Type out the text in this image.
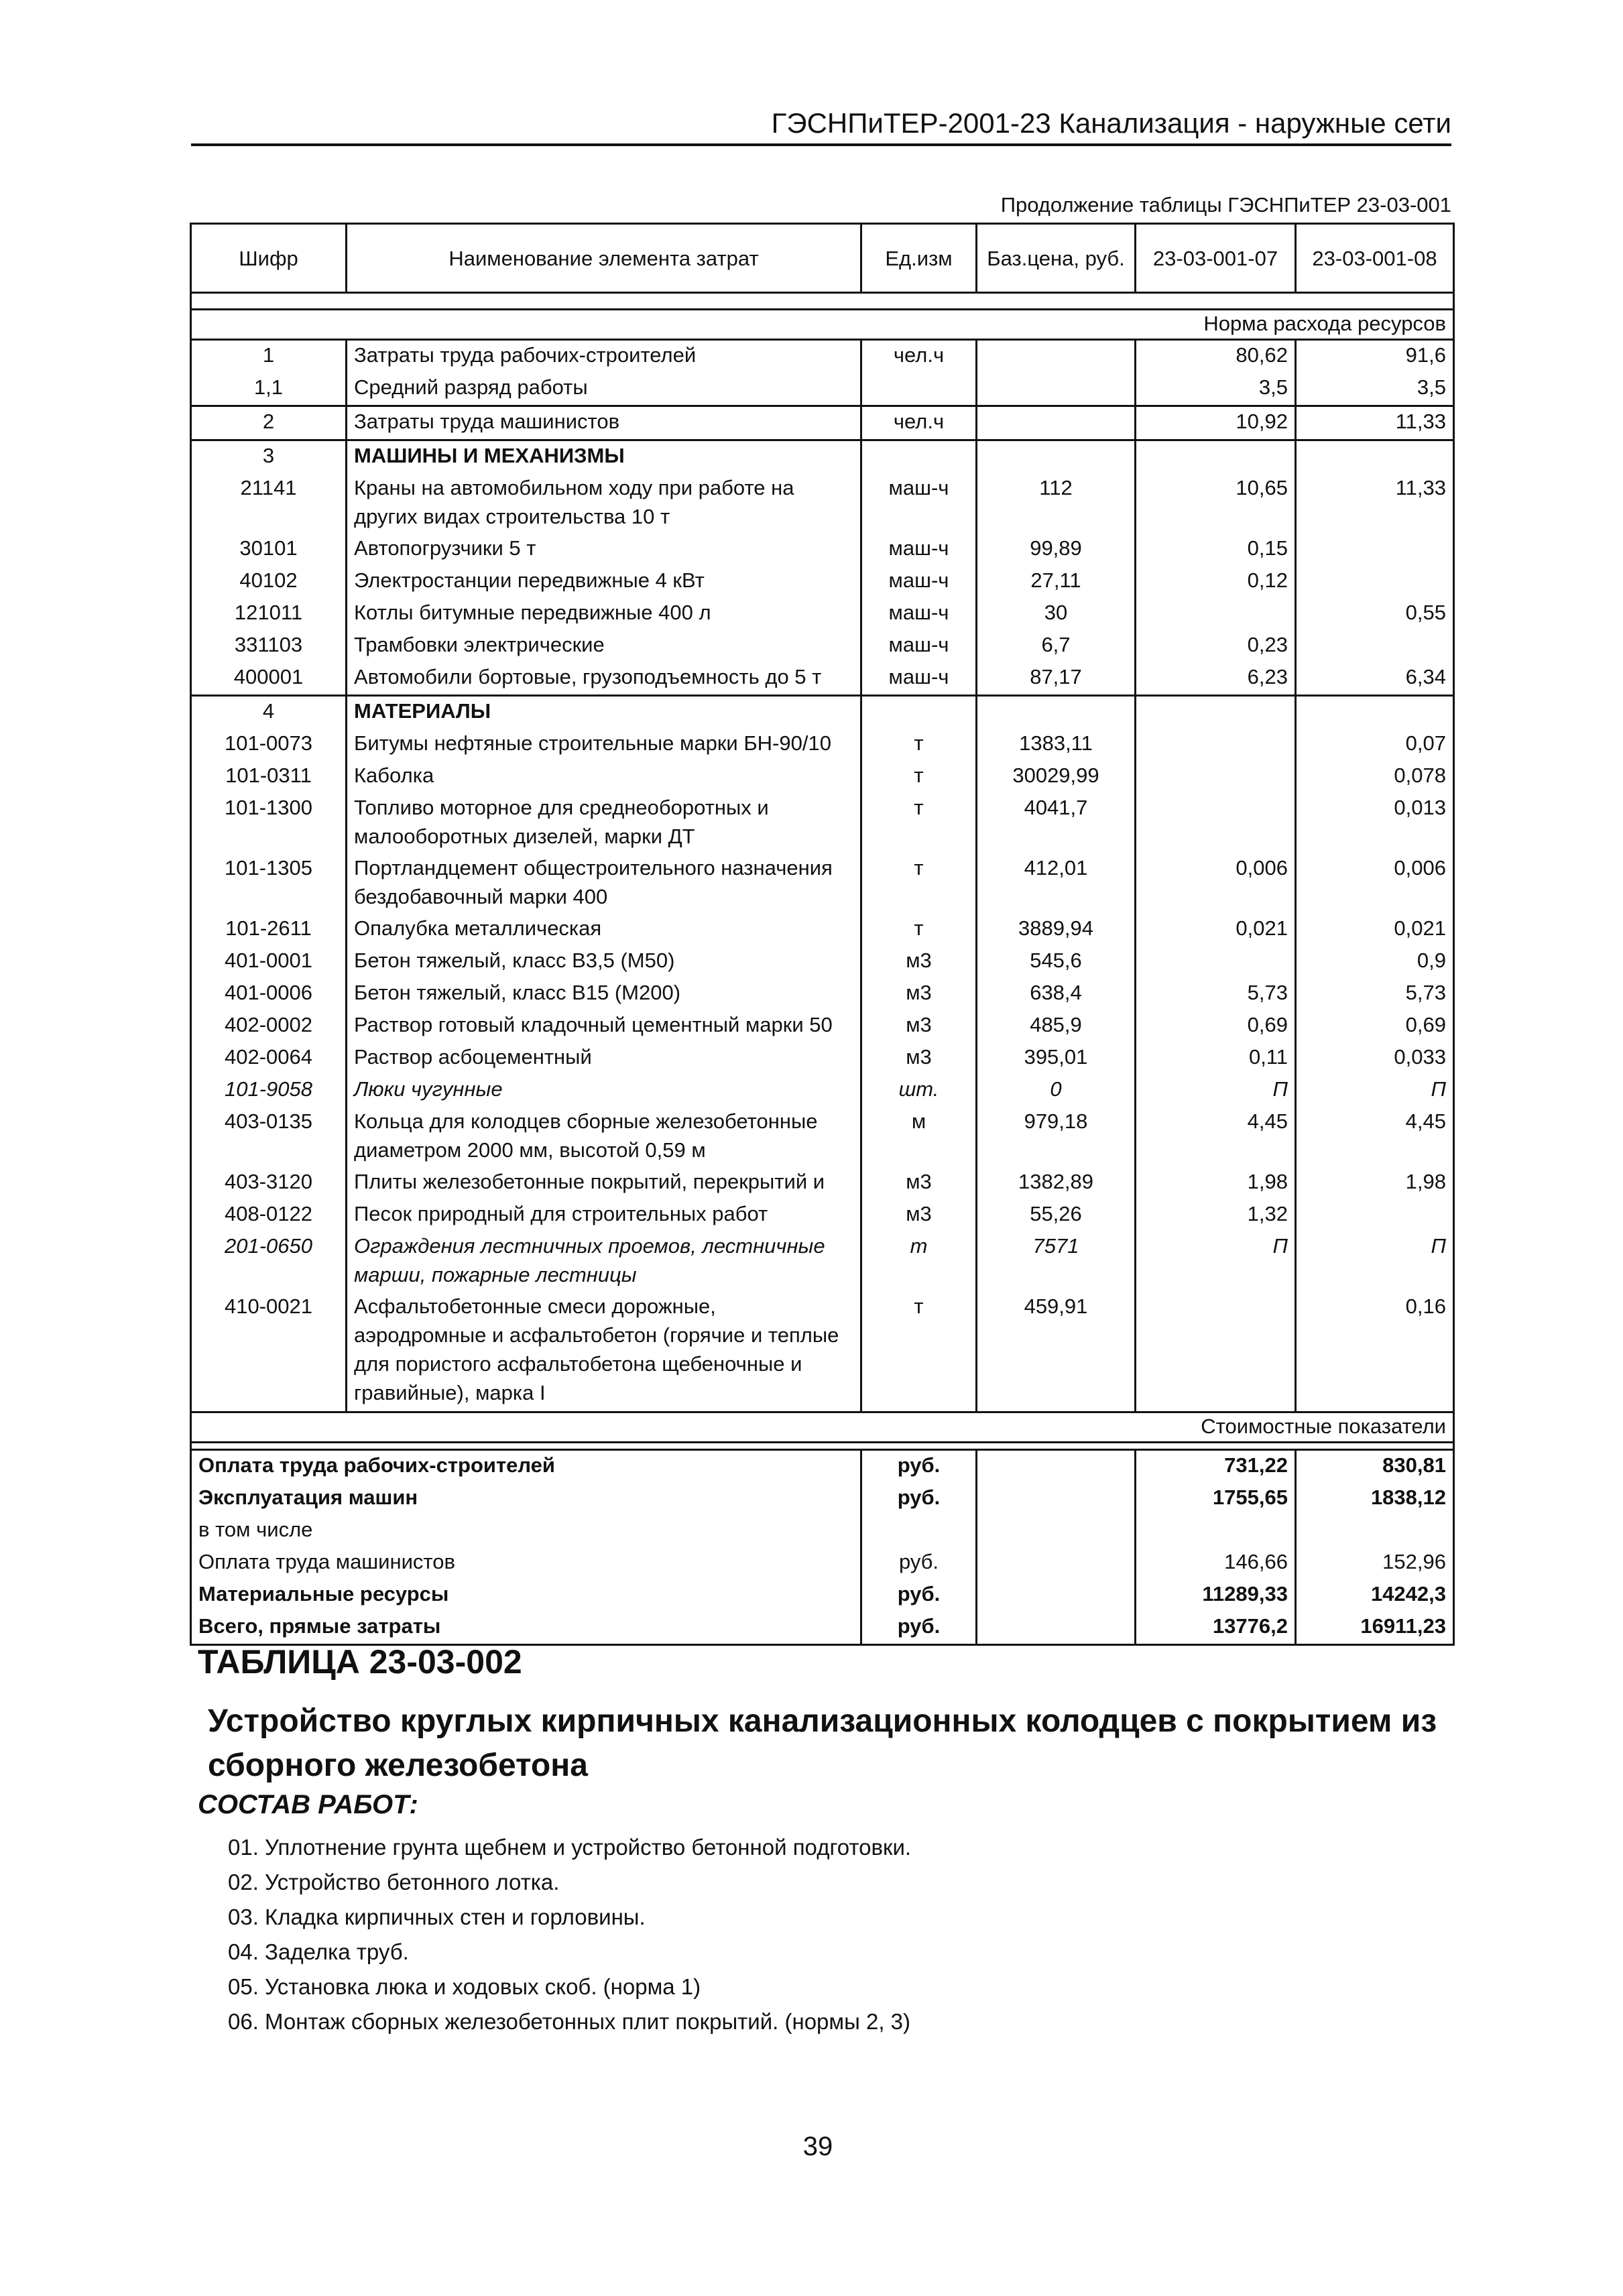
ГЭСНПиТЕР-2001-23 Канализация - наружные сети
Продолжение таблицы ГЭСНПиТЕР 23-03-001
Шифр	Наименование элемента затрат	Ед.изм	Баз.цена, руб.	23-03-001-07	23-03-001-08

Норма расхода ресурсов					
1	Затраты труда рабочих-строителей	чел.ч		80,62	91,6
1,1	Средний разряд работы			3,5	3,5
2	Затраты труда машинистов	чел.ч		10,92	11,33
3	МАШИНЫ И МЕХАНИЗМЫ				
21141	Краны на автомобильном ходу при работе на других видах строительства 10 т	маш-ч	112	10,65	11,33
30101	Автопогрузчики 5 т	маш-ч	99,89	0,15	
40102	Электростанции передвижные 4 кВт	маш-ч	27,11	0,12	
121011	Котлы битумные передвижные 400 л	маш-ч	30		0,55
331103	Трамбовки электрические	маш-ч	6,7	0,23	
400001	Автомобили бортовые, грузоподъемность до 5 т	маш-ч	87,17	6,23	6,34
4	МАТЕРИАЛЫ				
101-0073	Битумы нефтяные строительные марки БН-90/10	т	1383,11		0,07
101-0311	Каболка	т	30029,99		0,078
101-1300	Топливо моторное для среднеоборотных и малооборотных дизелей, марки ДТ	т	4041,7		0,013
101-1305	Портландцемент общестроительного назначения бездобавочный марки 400	т	412,01	0,006	0,006
101-2611	Опалубка металлическая	т	3889,94	0,021	0,021
401-0001	Бетон тяжелый, класс В3,5 (М50)	м3	545,6		0,9
401-0006	Бетон тяжелый, класс В15 (М200)	м3	638,4	5,73	5,73
402-0002	Раствор готовый кладочный цементный марки 50	м3	485,9	0,69	0,69
402-0064	Раствор асбоцементный	м3	395,01	0,11	0,033
101-9058	Люки чугунные	шт.	0	П	П
403-0135	Кольца для колодцев сборные железобетонные диаметром 2000 мм, высотой 0,59 м	м	979,18	4,45	4,45
403-3120	Плиты железобетонные покрытий, перекрытий и	м3	1382,89	1,98	1,98
408-0122	Песок природный для строительных работ	м3	55,26	1,32	
201-0650	Ограждения лестничных проемов, лестничные марши, пожарные лестницы	т	7571	П	П
410-0021	Асфальтобетонные смеси дорожные, аэродромные и асфальтобетон (горячие и теплые для пористого асфальтобетона щебеночные и гравийные), марка I	т	459,91		0,16
Стоимостные показатели					

Оплата труда рабочих-строителей		руб.		731,22	830,81
Эксплуатация машин		руб.		1755,65	1838,12
в том числе					
Оплата труда машинистов		руб.		146,66	152,96
Материальные ресурсы		руб.		11289,33	14242,3
Всего, прямые затраты		руб.		13776,2	16911,23
ТАБЛИЦА 23-03-002
Устройство круглых кирпичных канализационных колодцев с покрытием из сборного железобетона
СОСТАВ РАБОТ:
01. Уплотнение грунта щебнем и устройство бетонной подготовки.
02. Устройство бетонного лотка.
03. Кладка кирпичных стен и горловины.
04. Заделка труб.
05. Установка люка и ходовых скоб. (норма 1)
06. Монтаж сборных железобетонных плит покрытий. (нормы 2, 3)
39
